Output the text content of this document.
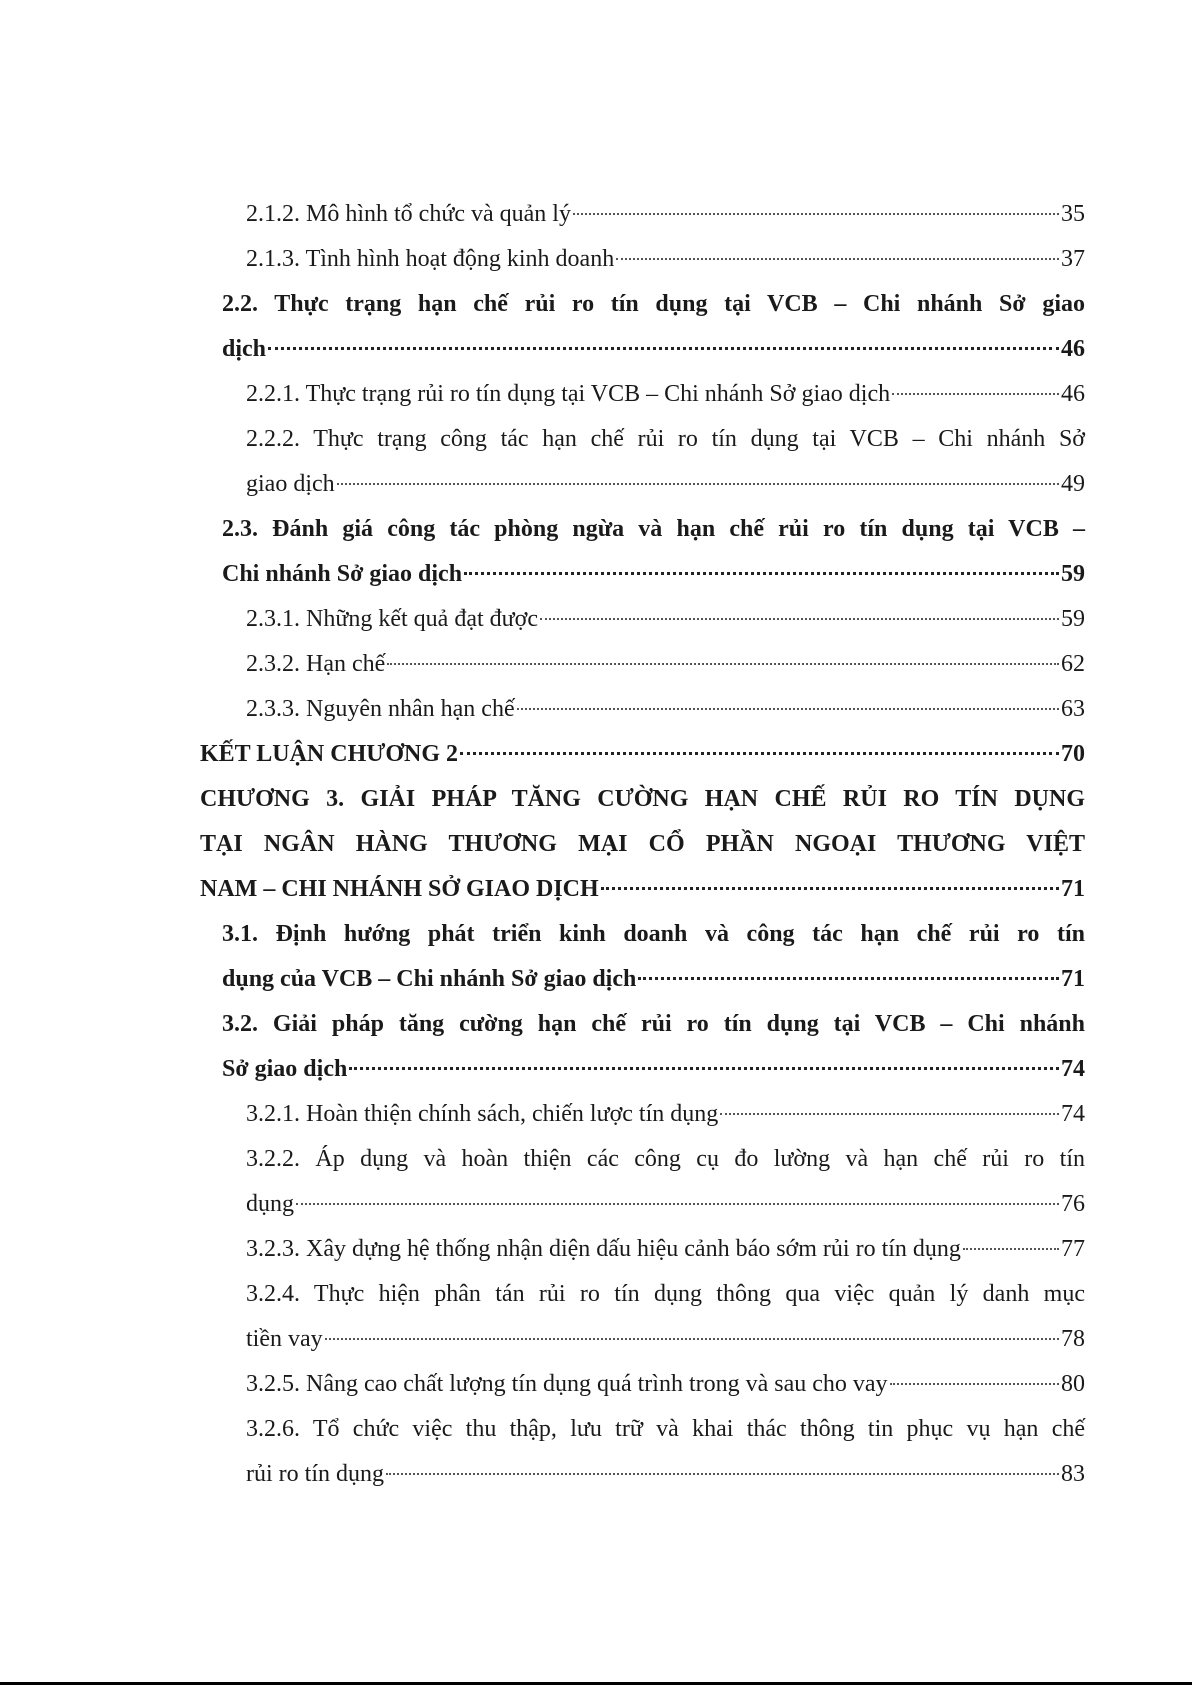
2.1.2. Mô hình tổ chức và quản lý	35
2.1.3. Tình hình hoạt động kinh doanh	37
2.2. Thực trạng hạn chế rủi ro tín dụng tại VCB – Chi nhánh Sở giao
dịch	46
2.2.1. Thực trạng rủi ro tín dụng tại VCB – Chi nhánh Sở giao dịch	46
2.2.2. Thực trạng công tác hạn chế rủi ro tín dụng tại VCB – Chi nhánh Sở
giao dịch	49
2.3. Đánh giá công tác phòng ngừa và hạn chế rủi ro tín dụng tại VCB –
Chi nhánh Sở giao dịch	59
2.3.1. Những kết quả đạt được	59
2.3.2. Hạn chế	62
2.3.3. Nguyên nhân hạn chế	63
KẾT LUẬN CHƯƠNG 2	70
CHƯƠNG 3. GIẢI PHÁP TĂNG CƯỜNG HẠN CHẾ RỦI RO TÍN DỤNG
TẠI NGÂN HÀNG THƯƠNG MẠI CỔ PHẦN NGOẠI THƯƠNG VIỆT
NAM – CHI NHÁNH SỞ GIAO DỊCH	71
3.1. Định hướng phát triển kinh doanh và công tác hạn chế rủi ro tín
dụng của VCB – Chi nhánh Sở giao dịch	71
3.2. Giải pháp tăng cường hạn chế rủi ro tín dụng tại VCB – Chi nhánh
Sở giao dịch	74
3.2.1. Hoàn thiện chính sách, chiến lược tín dụng	74
3.2.2. Áp dụng và hoàn thiện các công cụ đo lường và hạn chế rủi ro tín
dụng	76
3.2.3. Xây dựng hệ thống nhận diện dấu hiệu cảnh báo sớm rủi ro tín dụng	77
3.2.4. Thực hiện phân tán rủi ro tín dụng thông qua việc quản lý danh mục
tiền vay	78
3.2.5. Nâng cao chất lượng tín dụng quá trình trong và sau cho vay	80
3.2.6. Tổ chức việc thu thập, lưu trữ và khai thác thông tin phục vụ hạn chế
rủi ro tín dụng	83
